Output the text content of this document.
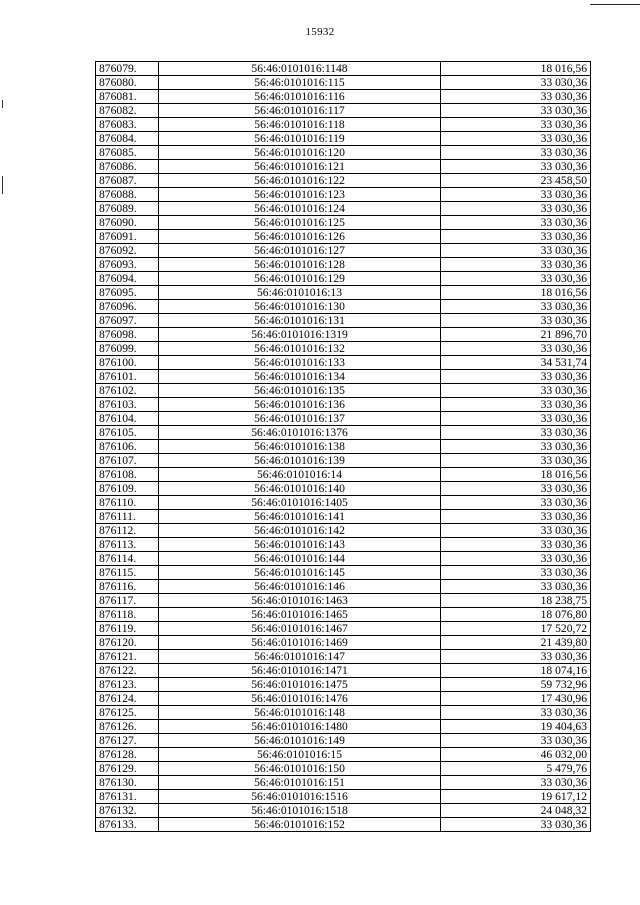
15932
876079.	56:46:0101016:1148	18 016,56
876080.	56:46:0101016:115	33 030,36
876081.	56:46:0101016:116	33 030,36
876082.	56:46:0101016:117	33 030,36
876083.	56:46:0101016:118	33 030,36
876084.	56:46:0101016:119	33 030,36
876085.	56:46:0101016:120	33 030,36
876086.	56:46:0101016:121	33 030,36
876087.	56:46:0101016:122	23 458,50
876088.	56:46:0101016:123	33 030,36
876089.	56:46:0101016:124	33 030,36
876090.	56:46:0101016:125	33 030,36
876091.	56:46:0101016:126	33 030,36
876092.	56:46:0101016:127	33 030,36
876093.	56:46:0101016:128	33 030,36
876094.	56:46:0101016:129	33 030,36
876095.	56:46:0101016:13	18 016,56
876096.	56:46:0101016:130	33 030,36
876097.	56:46:0101016:131	33 030,36
876098.	56:46:0101016:1319	21 896,70
876099.	56:46:0101016:132	33 030,36
876100.	56:46:0101016:133	34 531,74
876101.	56:46:0101016:134	33 030,36
876102.	56:46:0101016:135	33 030,36
876103.	56:46:0101016:136	33 030,36
876104.	56:46:0101016:137	33 030,36
876105.	56:46:0101016:1376	33 030,36
876106.	56:46:0101016:138	33 030,36
876107.	56:46:0101016:139	33 030,36
876108.	56:46:0101016:14	18 016,56
876109.	56:46:0101016:140	33 030,36
876110.	56:46:0101016:1405	33 030,36
876111.	56:46:0101016:141	33 030,36
876112.	56:46:0101016:142	33 030,36
876113.	56:46:0101016:143	33 030,36
876114.	56:46:0101016:144	33 030,36
876115.	56:46:0101016:145	33 030,36
876116.	56:46:0101016:146	33 030,36
876117.	56:46:0101016:1463	18 238,75
876118.	56:46:0101016:1465	18 076,80
876119.	56:46:0101016:1467	17 520,72
876120.	56:46:0101016:1469	21 439,80
876121.	56:46:0101016:147	33 030,36
876122.	56:46:0101016:1471	18 074,16
876123.	56:46:0101016:1475	59 732,96
876124.	56:46:0101016:1476	17 430,96
876125.	56:46:0101016:148	33 030,36
876126.	56:46:0101016:1480	19 404,63
876127.	56:46:0101016:149	33 030,36
876128.	56:46:0101016:15	46 032,00
876129.	56:46:0101016:150	5 479,76
876130.	56:46:0101016:151	33 030,36
876131.	56:46:0101016:1516	19 617,12
876132.	56:46:0101016:1518	24 048,32
876133.	56:46:0101016:152	33 030,36
